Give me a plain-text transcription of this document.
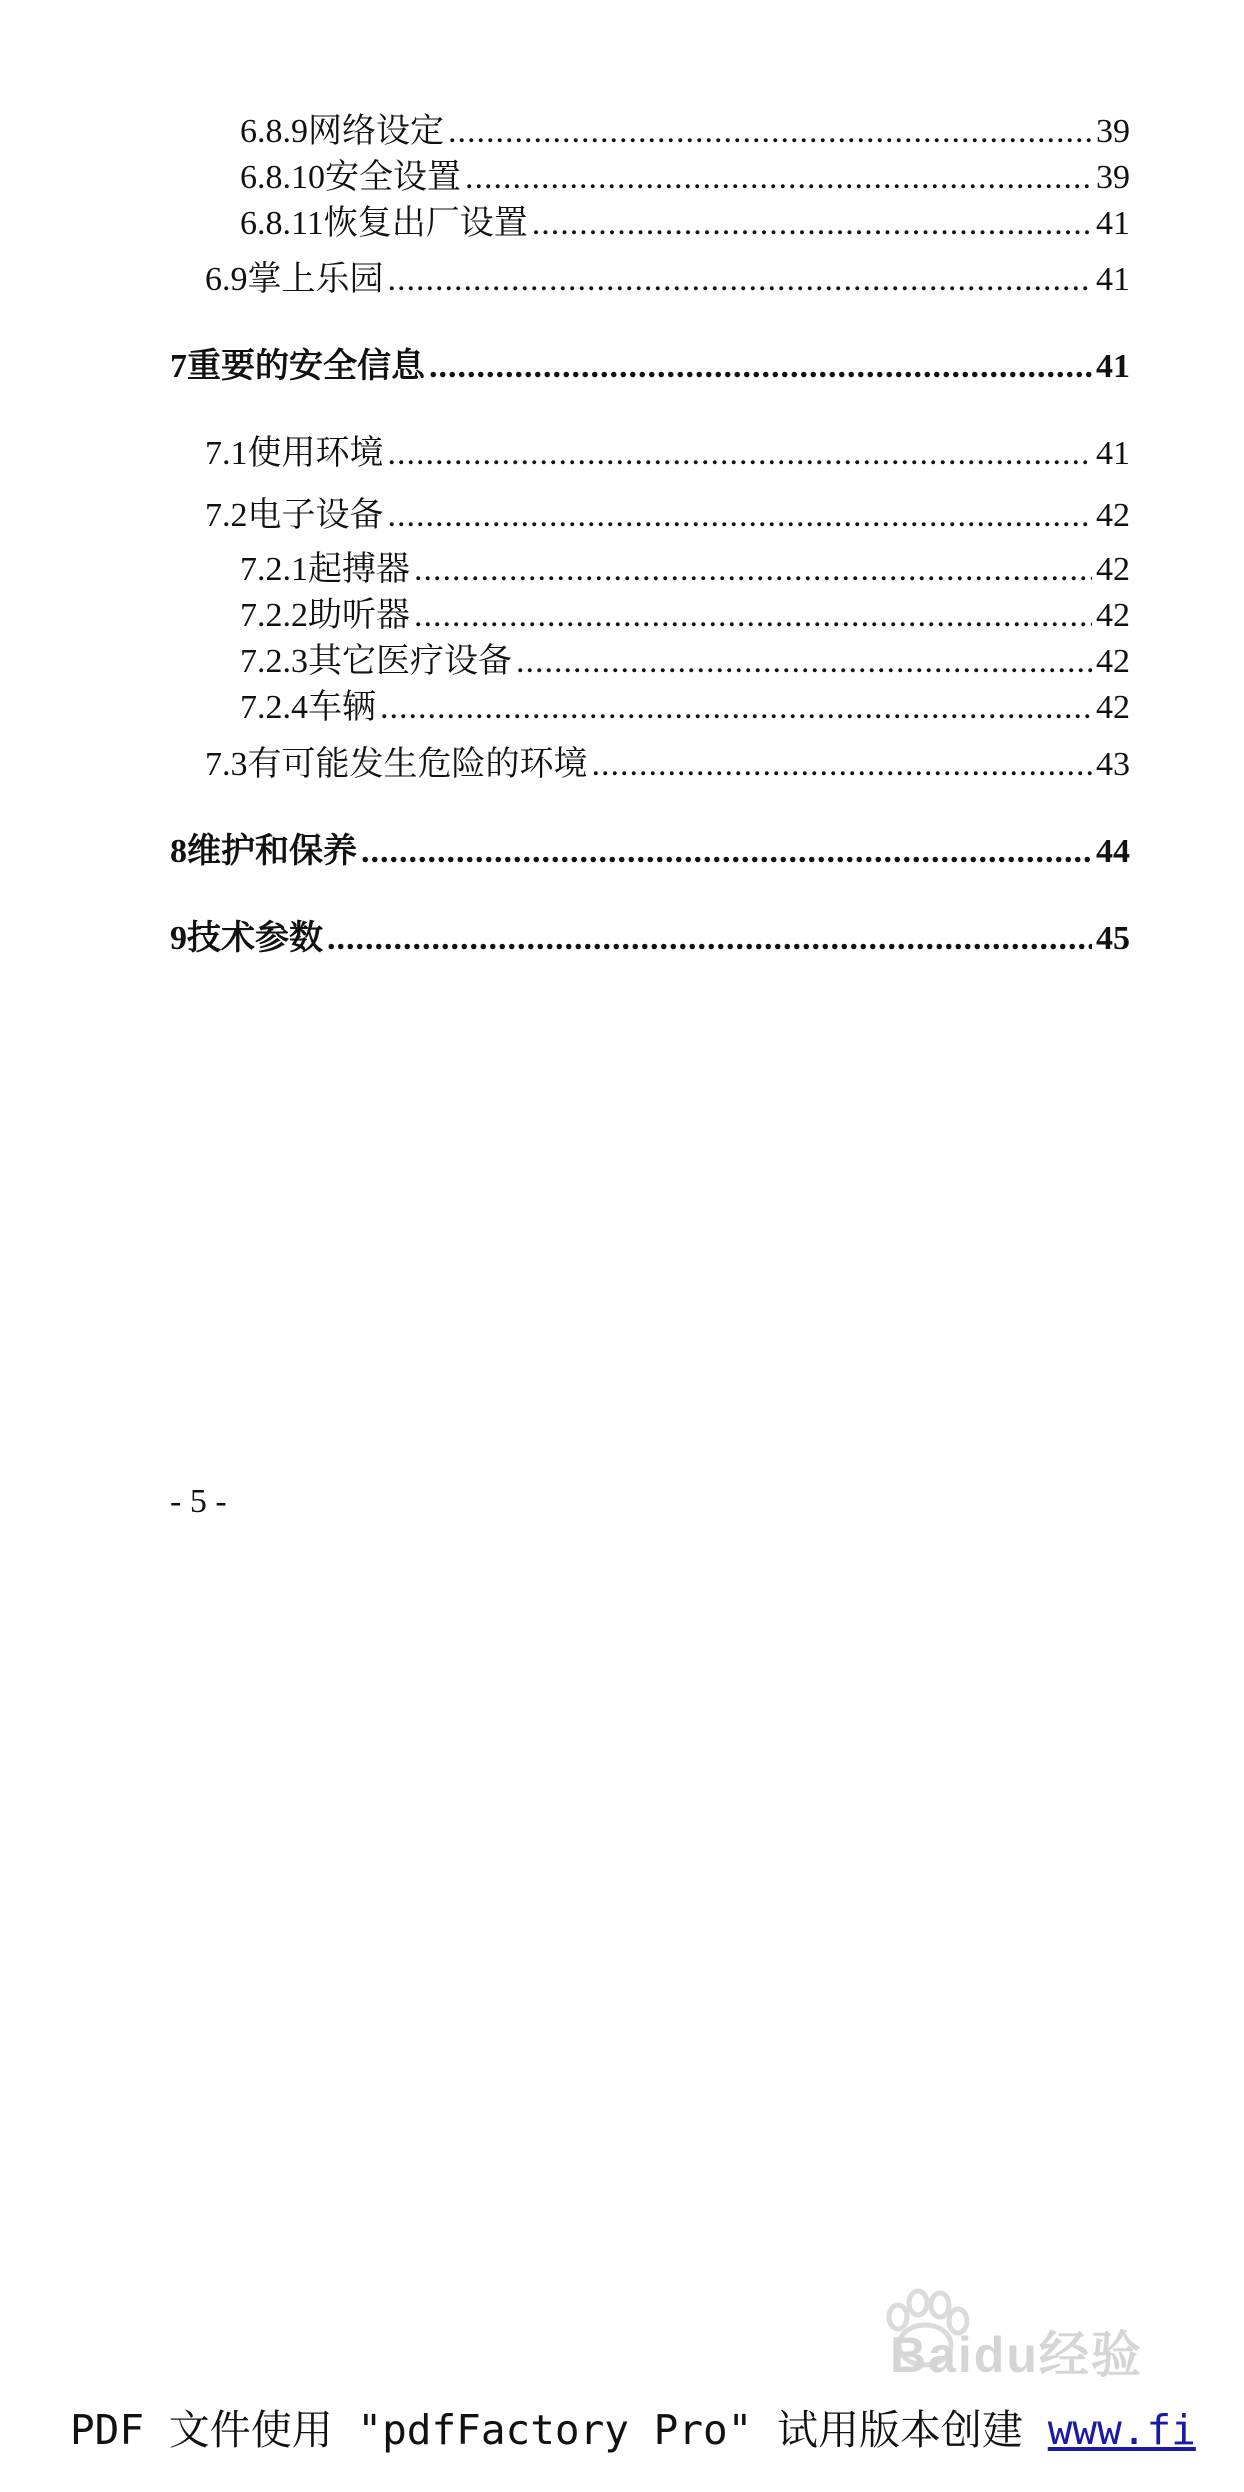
6.8.9 网络设定 .....	39
6.8.10 安全设置 .....	39
6.8.11 恢复出厂设置 .....	41
6.9 掌上乐园 .....	41
7 重要的安全信息 .....	41
7.1 使用环境 .....	41
7.2 电子设备 .....	42
7.2.1 起搏器 .....	42
7.2.2 助听器 .....	42
7.2.3 其它医疗设备 .....	42
7.2.4 车辆 .....	42
7.3 有可能发生危险的环境 .....	43
8 维护和保养 .....	44
9 技术参数 .....	45
- 5 -
Baidu经验
PDF 文件使用 "pdfFactory Pro" 试用版本创建 www.fi
